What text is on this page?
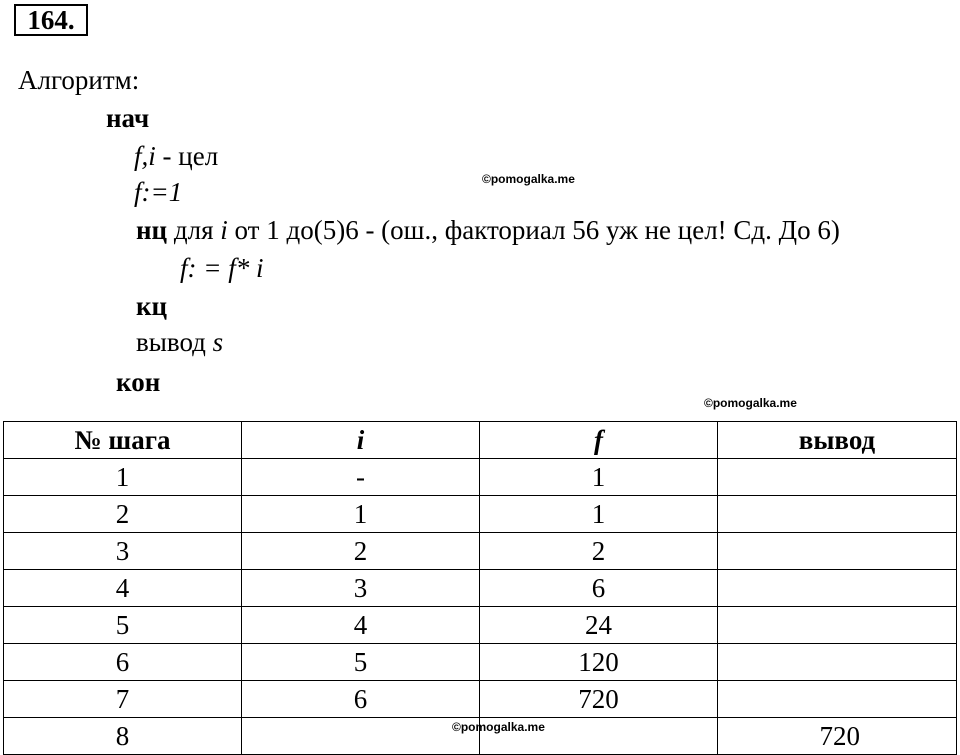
164.
Алгоритм:
нач
f,i - цел
©pomogalka.me
f:=1
нц для i от 1 до(5)6 - (ош., факториал 56 уж не цел! Сд. До 6)
f: = f* i
кц
вывод s
кон
©pomogalka.me
№ шага	i	f	вывод
1	-	1	
2	1	1	
3	2	2	
4	3	6	
5	4	24	
6	5	120	
7	6	720	
8			720
©pomogalka.me
